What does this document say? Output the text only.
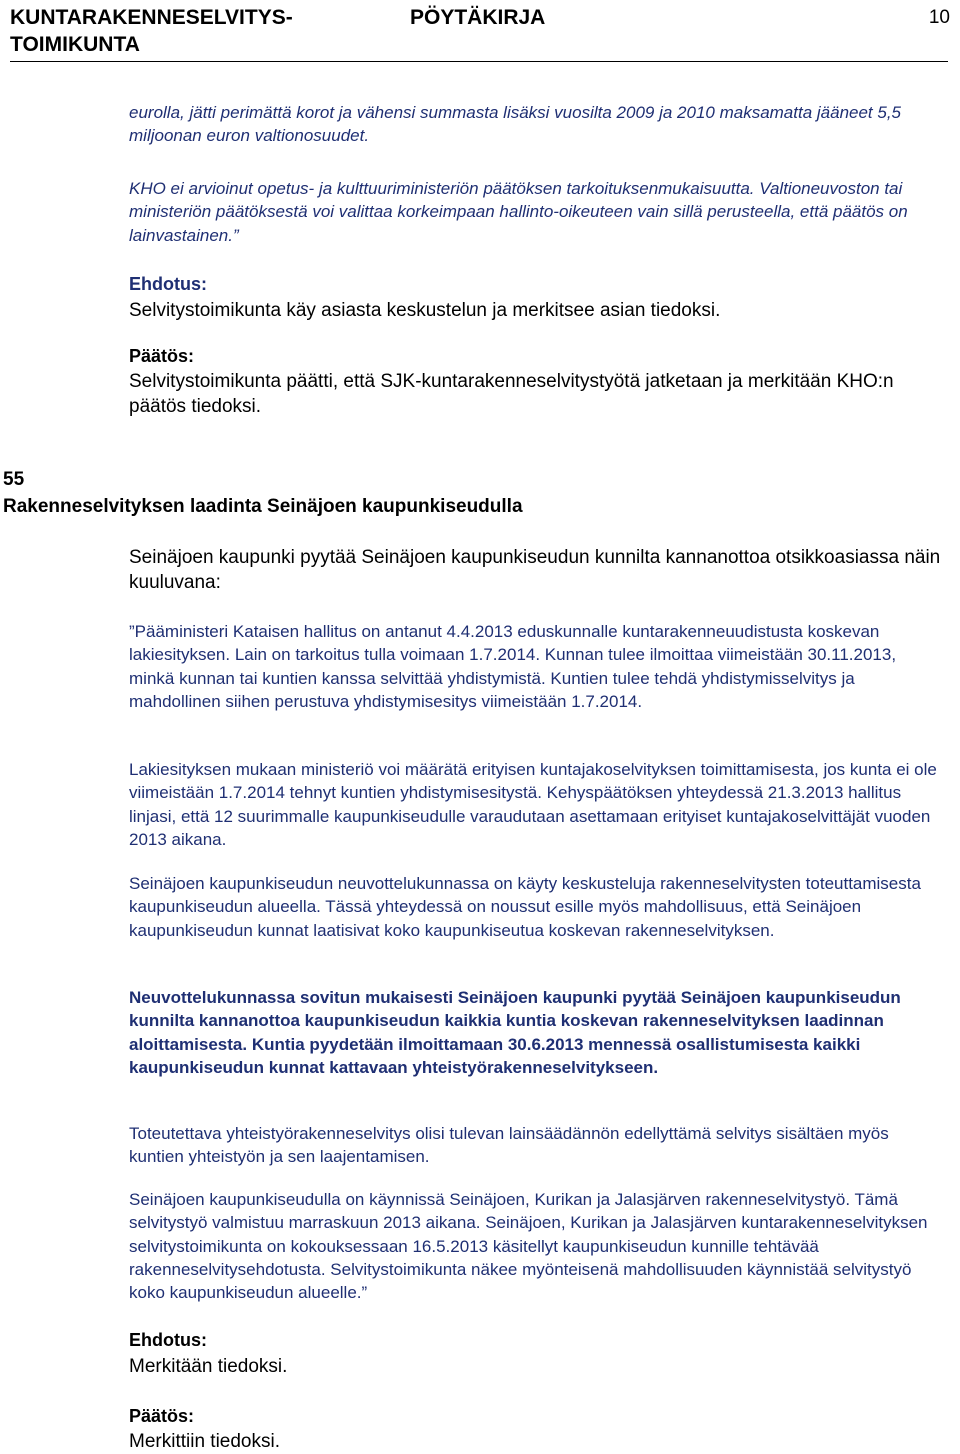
KUNTARAKENNESELVITYS-
TOIMIKUNTA
PÖYTÄKIRJA	10

eurolla, jätti perimättä korot ja vähensi summasta lisäksi vuosilta 2009 ja 2010 maksamatta jääneet 5,5 miljoonan euron valtionosuudet.

KHO ei arvioinut opetus- ja kulttuuriministeriön päätöksen tarkoituksenmukaisuutta. Valtioneuvoston tai ministeriön päätöksestä voi valittaa korkeimpaan hallinto-oikeuteen vain sillä perusteella, että päätös on lainvastainen.”

Ehdotus:

Selvitystoimikunta käy asiasta keskustelun ja merkitsee asian tiedoksi.

Päätös:

Selvitystoimikunta päätti, että SJK-kuntarakenneselvitystyötä jatketaan ja merkitään KHO:n päätös tiedoksi.

55

Rakenneselvityksen laadinta Seinäjoen kaupunkiseudulla

Seinäjoen kaupunki pyytää Seinäjoen kaupunkiseudun kunnilta kannanottoa otsikkoasiassa näin kuuluvana:

”Pääministeri Kataisen hallitus on antanut 4.4.2013 eduskunnalle kuntarakenneuudistusta koskevan lakiesityksen. Lain on tarkoitus tulla voimaan 1.7.2014. Kunnan tulee ilmoittaa viimeistään 30.11.2013, minkä kunnan tai kuntien kanssa selvittää yhdistymistä. Kuntien tulee tehdä yhdistymisselvitys ja mahdollinen siihen perustuva yhdistymisesitys viimeistään 1.7.2014.

Lakiesityksen mukaan ministeriö voi määrätä erityisen kuntajakoselvityksen toimittamisesta, jos kunta ei ole viimeistään 1.7.2014 tehnyt kuntien yhdistymisesitystä. Kehyspäätöksen yhteydessä 21.3.2013 hallitus linjasi, että 12 suurimmalle kaupunkiseudulle varaudutaan asettamaan erityiset kuntajakoselvittäjät vuoden 2013 aikana.

Seinäjoen kaupunkiseudun neuvottelukunnassa on käyty keskusteluja rakenneselvitysten toteuttamisesta kaupunkiseudun alueella. Tässä yhteydessä on noussut esille myös mahdollisuus, että Seinäjoen kaupunkiseudun kunnat laatisivat koko kaupunkiseutua koskevan rakenneselvityksen.

Neuvottelukunnassa sovitun mukaisesti Seinäjoen kaupunki pyytää Seinäjoen kaupunkiseudun kunnilta kannanottoa kaupunkiseudun kaikkia kuntia koskevan rakenneselvityksen laadinnan aloittamisesta. Kuntia pyydetään ilmoittamaan 30.6.2013 mennessä osallistumisesta kaikki kaupunkiseudun kunnat kattavaan yhteistyörakenneselvitykseen.

Toteutettava yhteistyörakenneselvitys olisi tulevan lainsäädännön edellyttämä selvitys sisältäen myös kuntien yhteistyön ja sen laajentamisen.

Seinäjoen kaupunkiseudulla on käynnissä Seinäjoen, Kurikan ja Jalasjärven rakenneselvitystyö. Tämä selvitystyö valmistuu marraskuun 2013 aikana. Seinäjoen, Kurikan ja Jalasjärven kuntarakenneselvityksen selvitystoimikunta on kokouksessaan 16.5.2013 käsitellyt kaupunkiseudun kunnille tehtävää rakenneselvitysehdotusta. Selvitystoimikunta näkee myönteisenä mahdollisuuden käynnistää selvitystyö koko kaupunkiseudun alueelle.”

Ehdotus:

Merkitään tiedoksi.

Päätös:

Merkittiin tiedoksi.
